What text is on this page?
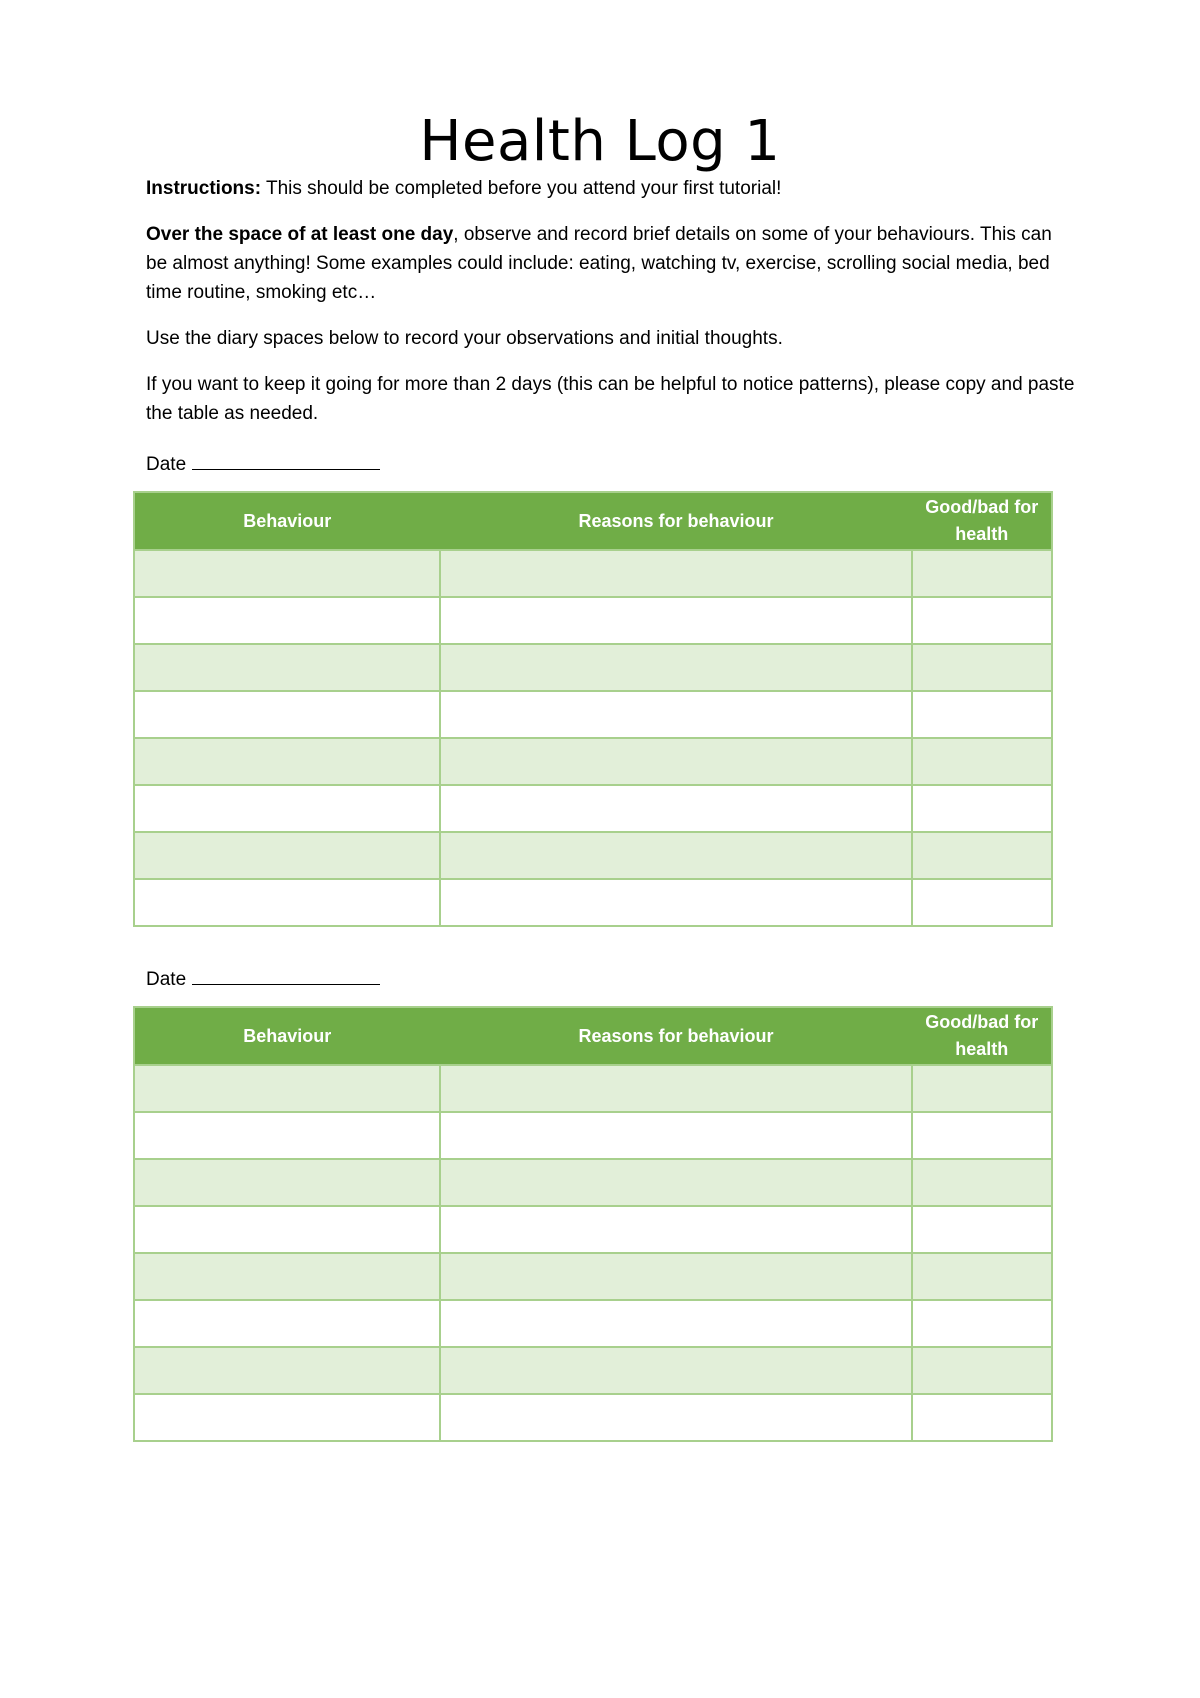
Health Log 1

Instructions: This should be completed before you attend your first tutorial!

Over the space of at least one day, observe and record brief details on some of your behaviours. This can be almost anything! Some examples could include: eating, watching tv, exercise, scrolling social media, bed time routine, smoking etc…

Use the diary spaces below to record your observations and initial thoughts.

If you want to keep it going for more than 2 days (this can be helpful to notice patterns), please copy and paste the table as needed.

Date
Behaviour	Reasons for behaviour	Good/bad for health

Date
Behaviour	Reasons for behaviour	Good/bad for health
